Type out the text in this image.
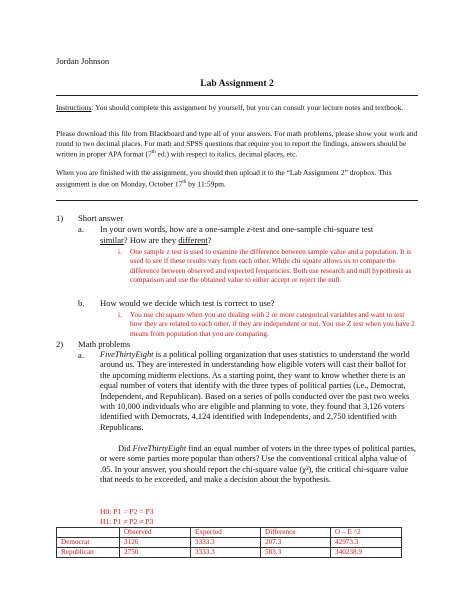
Jordan Johnson
Lab Assignment 2
Instructions: You should complete this assignment by yourself, but you can consult your lecture notes and textbook.
Please download this file from Blackboard and type all of your answers. For math problems, please show your work and round to two decimal places. For math and SPSS questions that require you to report the findings, answers should be written in proper APA format (7th ed.) with respect to italics, decimal places, etc.
When you are finished with the assignment, you should then upload it to the “Lab Assignment 2” dropbox. This assignment is due on Monday, October 17th by 11:59pm.
1) Short answer
a. In your own words, how are a one-sample z-test and one-sample chi-square test
similar? How are they different?
i. One sample z test is used to examine the difference between sample value and a population. It is used to see if these results vary from each other. While chi square allows us to compare the difference between observed and expected frequencies. Both use research and null hypothesis as comparison and use the obtained value to either accept or reject the null.
b. How would we decide which test is correct to use?
i. You use chi square when you are dealing with 2 or more categorical variables and want to test how they are related to each other, if they are independent or not. You use Z test when you have 2 means from population that you are comparing.
2) Math problems
a. FiveThirtyEight is a political polling organization that uses statistics to understand the world around us. They are interested in understanding how eligible voters will cast their ballot for the upcoming midterm elections. As a starting point, they want to know whether there is an equal number of voters that identify with the three types of political parties (i.e., Democrat, Independent, and Republican). Based on a series of polls conducted over the past two weeks with 10,000 individuals who are eligible and planning to vote, they found that 3,126 voters identified with Democrats, 4,124 identified with Independents, and 2,750 identified with Republicans.
Did FiveThirtyEight find an equal number of voters in the three types of political parties, or were some parties more popular than others? Use the conventional critical alpha value of .05. In your answer, you should report the chi-square value (χ²), the critical chi-square value that needs to be exceeded, and make a decision about the hypothesis.
H0: P1 = P2 = P3
H1: P1 ≠ P2 ≠ P3
	Observed	Expected	Difference	O – E ^2
Democrat	3126	3333.3	207.3	42973.3
Republican	2750	3333.3	583.3	340238.9
